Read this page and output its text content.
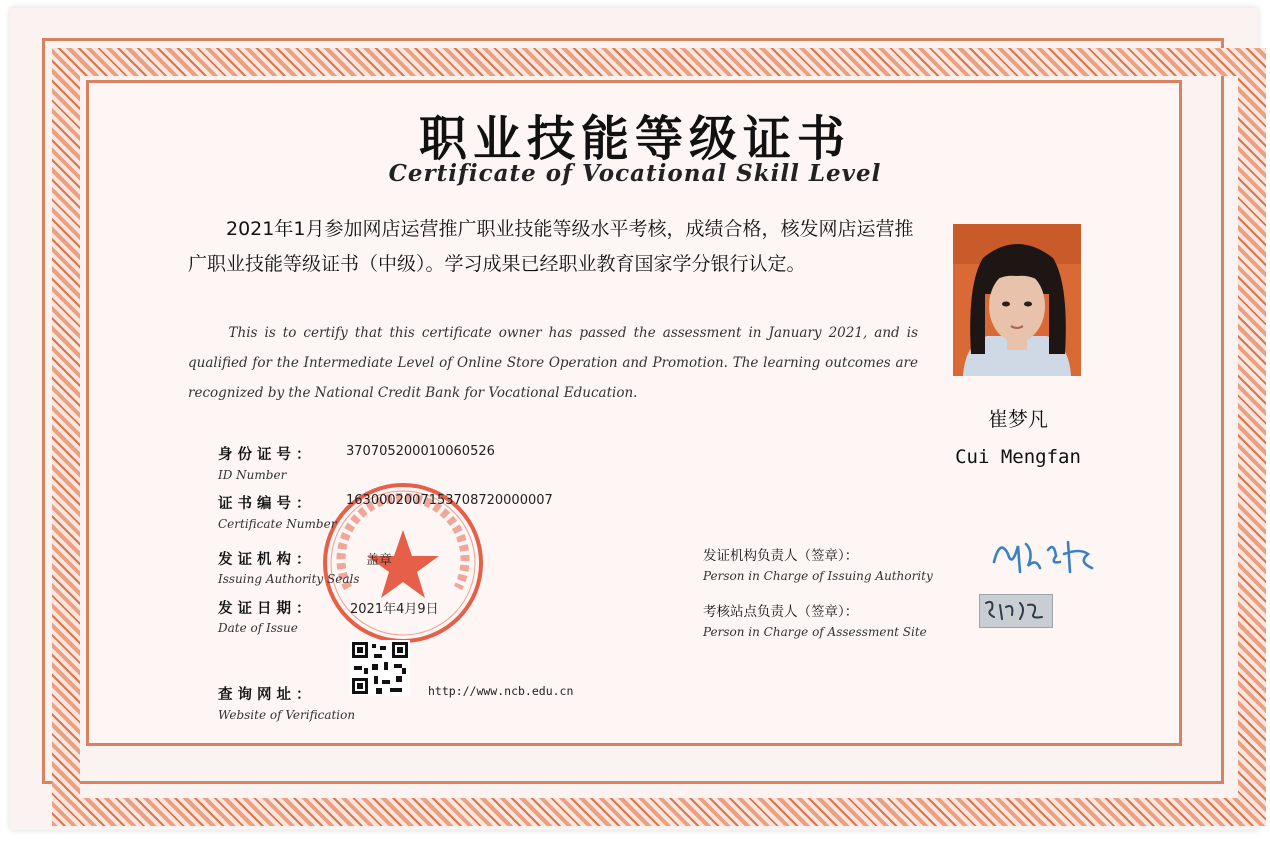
职业技能等级证书
Certificate of Vocational Skill Level
2021年1月参加网店运营推广职业技能等级水平考核，成绩合格，核发网店运营推广职业技能等级证书（中级）。学习成果已经职业教育国家学分银行认定。
This is to certify that this certificate owner has passed the assessment in January 2021, and is qualified for the Intermediate Level of Online Store Operation and Promotion. The learning outcomes are recognized by the National Credit Bank for Vocational Education.
崔梦凡
Cui Mengfan
身份证号： 370705200010060526
ID Number
证书编号： 1630002007153708720000007
Certificate Number
发证机构：	盖章
Issuing Authority Seals
发证日期：	2021年4月9日
Date of Issue
查询网址：	http://www.ncb.edu.cn
Website of Verification
发证机构负责人（签章）：
Person in Charge of Issuing Authority
考核站点负责人（签章）：
Person in Charge of Assessment Site
